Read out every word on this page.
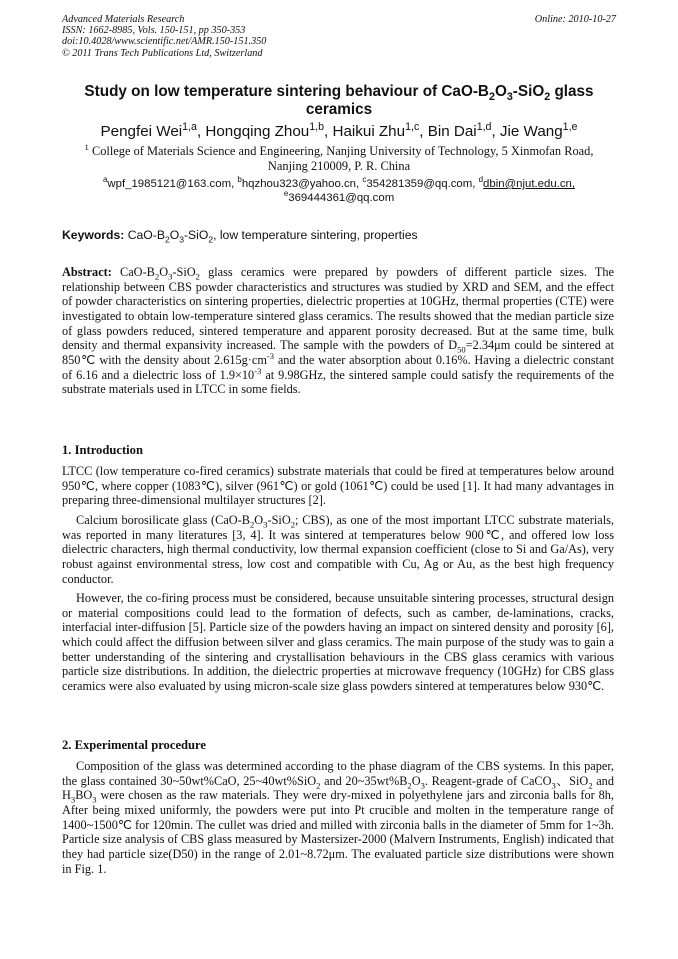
Advanced Materials Research
ISSN: 1662-8985, Vols. 150-151, pp 350-353
doi:10.4028/www.scientific.net/AMR.150-151.350
© 2011 Trans Tech Publications Ltd, Switzerland
Online: 2010-10-27
Study on low temperature sintering behaviour of CaO-$B_2O_3-SiO_2$ glass
ceramics
Pengfei Wei$^{1,a}$, Hongqing Zhou$^{1,b}$, Haikui Zhu$^{1,c}$, Bin Dai$^{1,d}$, Jie Wang$^{1,e}$
$^1$ College of Materials Science and Engineering, Nanjing University of Technology, 5 Xinmofan Road,
Nanjing 210009, P. R. China
$^a$wpf_1985121@163.com, $^b$hqzhou323@yahoo.cn, $^c$354281359@qq.com, $^d$dbin@njut.edu.cn,
$^e$369444361@qq.com
Keywords: CaO-$B_2O_3-SiO_2$, low temperature sintering, properties

Abstract: CaO-$B_2O_3-SiO_2$ glass ceramics were prepared by powders of different particle sizes. The relationship between CBS powder characteristics and structures was studied by XRD and SEM, and the effect of powder characteristics on sintering properties, dielectric properties at 10GHz, thermal properties (CTE) were investigated to obtain low-temperature sintered glass ceramics. The results showed that the median particle size of glass powders reduced, sintered temperature and apparent porosity decreased. But at the same time, bulk density and thermal expansivity increased. The sample with the powders of $D_{50}=2.34\mu m$ could be sintered at 850℃ with the density about $2.615g\cdot cm^{-3}$ and the water absorption about 0.16%. Having a dielectric constant of 6.16 and a dielectric loss of $1.9\times 10^{-3}$ at 9.98GHz, the sintered sample could satisfy the requirements of the substrate materials used in LTCC in some fields.

1. Introduction

LTCC (low temperature co-fired ceramics) substrate materials that could be fired at temperatures below around 950℃, where copper (1083℃), silver (961℃) or gold (1061℃) could be used [1]. It had many advantages in preparing three-dimensional multilayer structures [2].

Calcium borosilicate glass ($CaO-B_2O_3-SiO_2$; CBS), as one of the most important LTCC substrate materials, was reported in many literatures [3, 4]. It was sintered at temperatures below 900℃, and offered low loss dielectric characters, high thermal conductivity, low thermal expansion coefficient (close to Si and Ga/As), very robust against environmental stress, low cost and compatible with Cu, Ag or Au, as the best high frequency conductor.

However, the co-firing process must be considered, because unsuitable sintering processes, structural design or material compositions could lead to the formation of defects, such as camber, de-laminations, cracks, interfacial inter-diffusion [5]. Particle size of the powders having an impact on sintered density and porosity [6], which could affect the diffusion between silver and glass ceramics. The main purpose of the study was to gain a better understanding of the sintering and crystallisation behaviours in the CBS glass ceramics with various particle size distributions. In addition, the dielectric properties at microwave frequency (10GHz) for CBS glass ceramics were also evaluated by using micron-scale size glass powders sintered at temperatures below 930℃.

2. Experimental procedure

Composition of the glass was determined according to the phase diagram of the CBS systems. In this paper, the glass contained 30~50wt%CaO, 25~40wt%SiO$_2$ and $20\sim 35wt\%B_2O_3$. Reagent-grade of CaCO$_3$、SiO$_2$ and $H_3BO_3$ were chosen as the raw materials. They were dry-mixed in polyethylene jars and zirconia balls for 8h, After being mixed uniformly, the powders were put into Pt crucible and molten in the temperature range of 1400~1500℃ for 120min. The cullet was dried and milled with zirconia balls in the diameter of 5mm for 1~3h. Particle size analysis of CBS glass measured by Mastersizer-2000 (Malvern Instruments, English) indicated that they had particle size(D50) in the range of 2.01~8.72μm. The evaluated particle size distributions were shown in Fig. 1.
